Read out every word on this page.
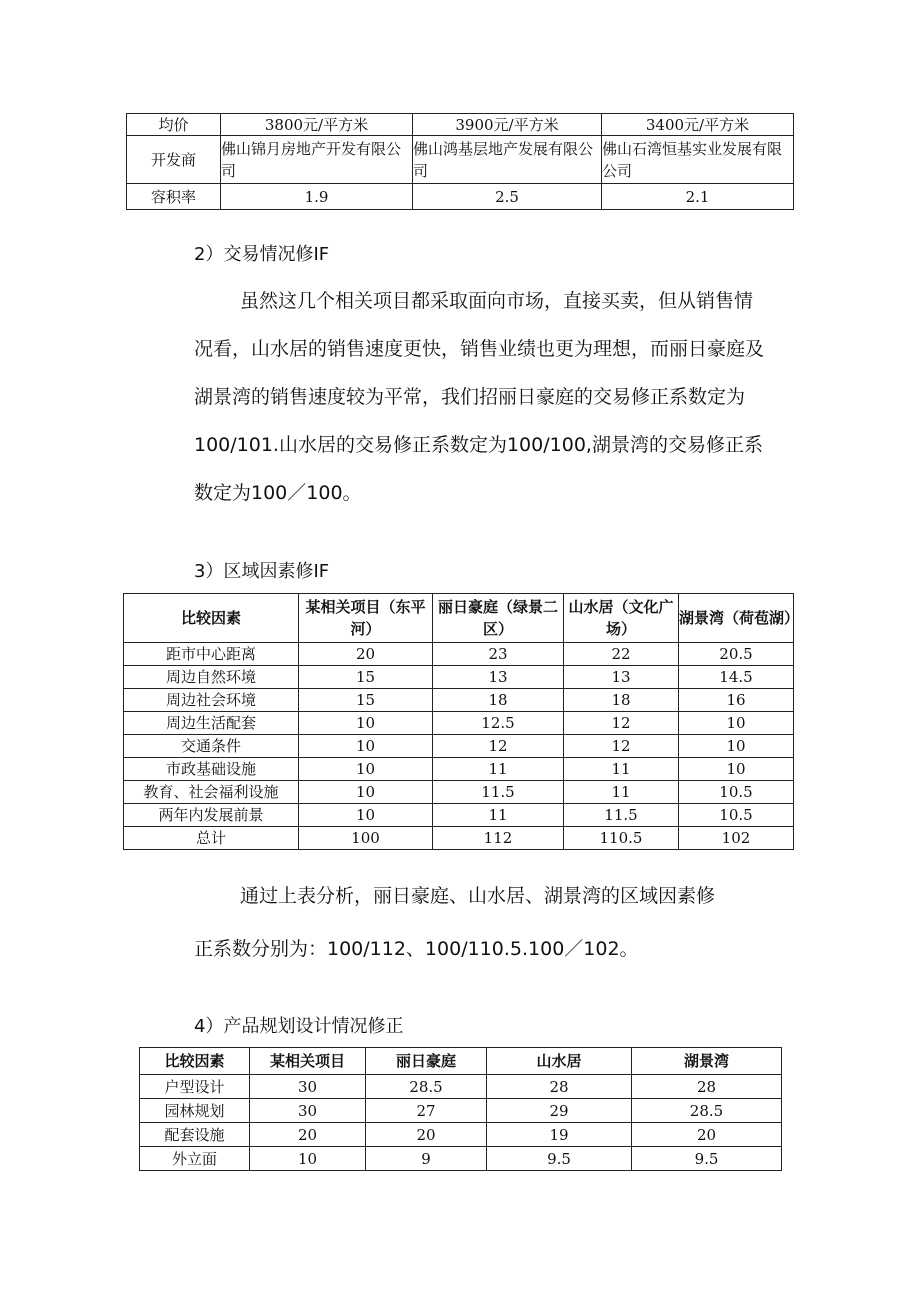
均价	3800元/平方米	3900元/平方米	3400元/平方米
开发商	佛山锦月房地产开发有限公司	佛山鸿基层地产发展有限公司	佛山石湾恒基实业发展有限公司
容积率	1.9	2.5	2.1
2）交易情况修IF
虽然这几个相关项目都采取面向市场，直接买卖，但从销售情
况看，山水居的销售速度更快，销售业绩也更为理想，而丽日豪庭及
湖景湾的销售速度较为平常，我们招丽日豪庭的交易修正系数定为
100/101.山水居的交易修正系数定为100/100,湖景湾的交易修正系
数定为100／100。
3）区域因素修IF
比较因素	某相关项目（东平河）	丽日豪庭（绿景二区）	山水居（文化广场）	湖景湾（荷苞湖）
距市中心距离	20	23	22	20.5
周边自然环境	15	13	13	14.5
周边社会环境	15	18	18	16
周边生活配套	10	12.5	12	10
交通条件	10	12	12	10
市政基础设施	10	11	11	10
教育、社会福利设施	10	11.5	11	10.5
两年内发展前景	10	11	11.5	10.5
总计	100	112	110.5	102
通过上表分析，丽日豪庭、山水居、湖景湾的区域因素修
正系数分别为：100/112、100/110.5.100／102。
4）产品规划设计情况修正
比较因素	某相关项目	丽日豪庭	山水居	湖景湾
户型设计	30	28.5	28	28
园林规划	30	27	29	28.5
配套设施	20	20	19	20
外立面	10	9	9.5	9.5
